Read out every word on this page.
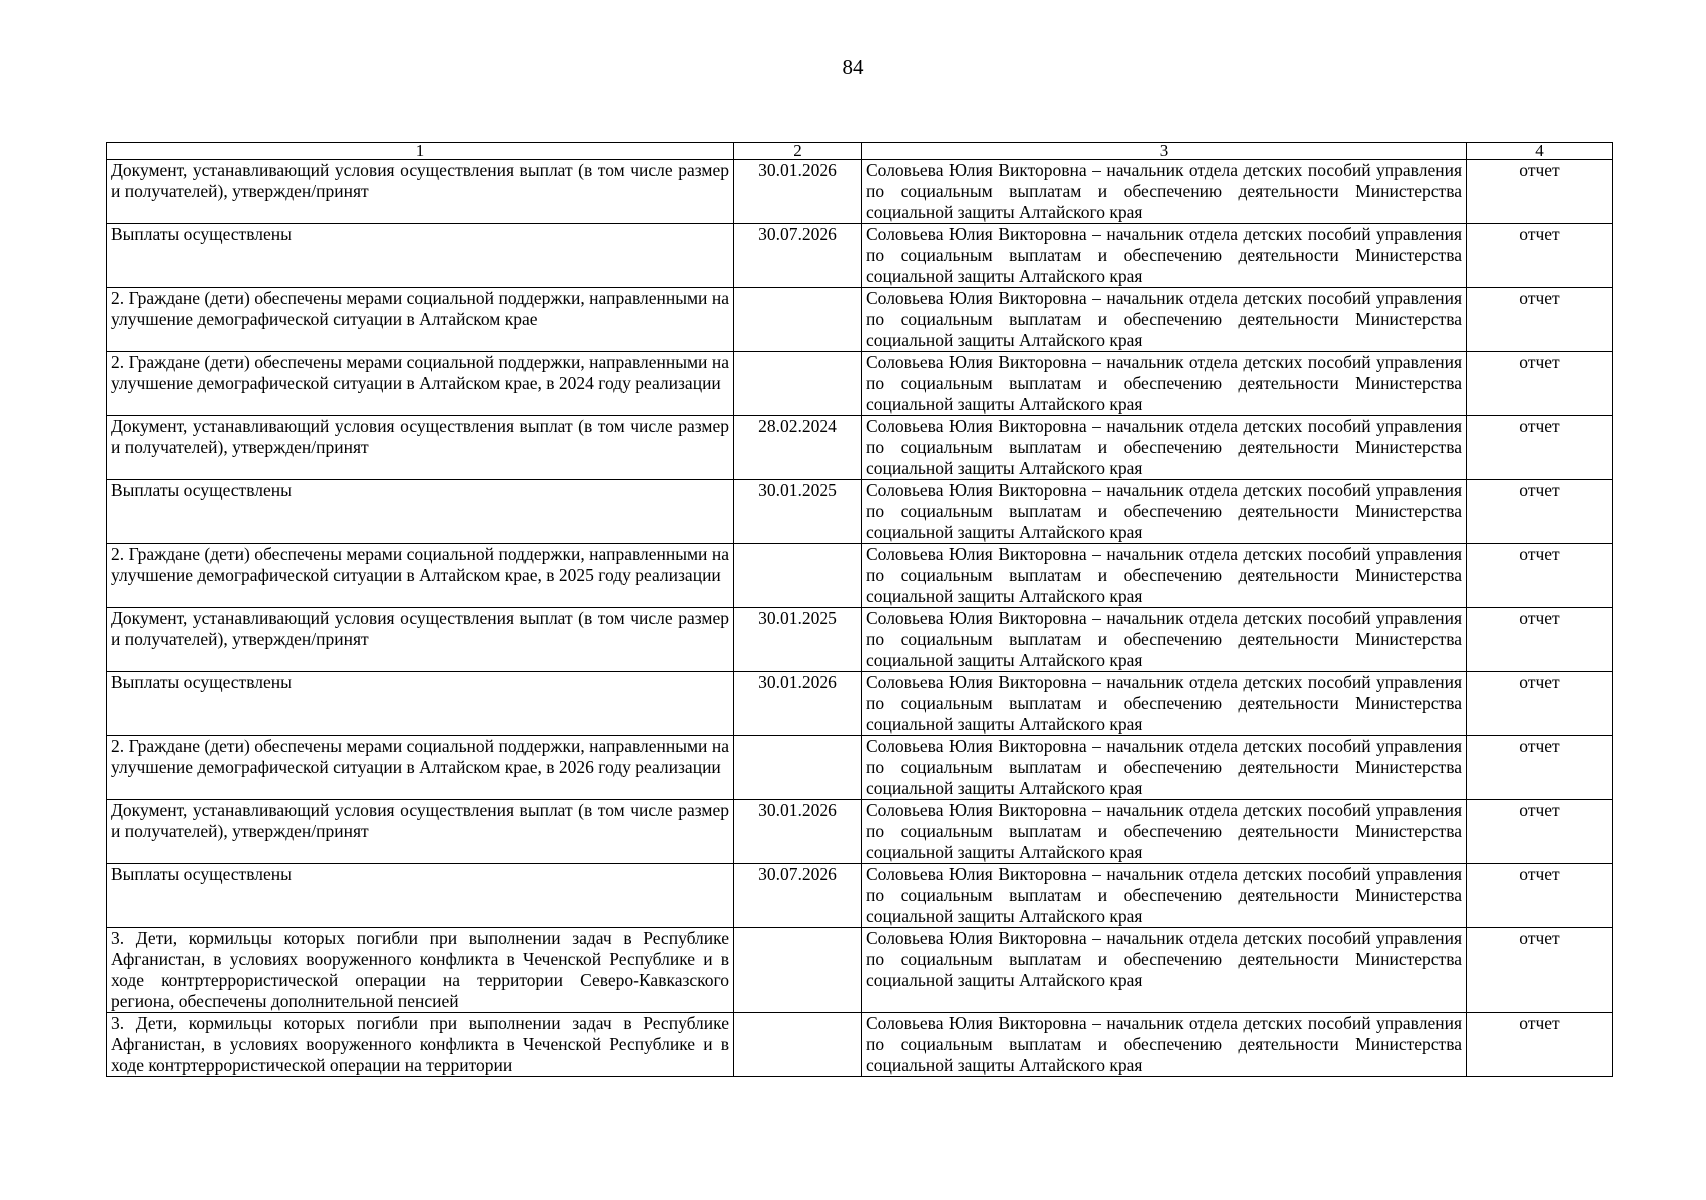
84
1	2	3	4
Документ, устанавливающий условия осуществления выплат (в том числе размер и получателей), утвержден/принят	30.01.2026	Соловьева Юлия Викторовна – начальник отдела детских пособий управления по социальным выплатам и обеспечению деятельности Министерства социальной защиты Алтайского края	отчет
Выплаты осуществлены	30.07.2026	Соловьева Юлия Викторовна – начальник отдела детских пособий управления по социальным выплатам и обеспечению деятельности Министерства социальной защиты Алтайского края	отчет
2. Граждане (дети) обеспечены мерами социальной поддержки, направленными на улучшение демографической ситуации в Алтайском крае		Соловьева Юлия Викторовна – начальник отдела детских пособий управления по социальным выплатам и обеспечению деятельности Министерства социальной защиты Алтайского края	отчет
2. Граждане (дети) обеспечены мерами социальной поддержки, направленными на улучшение демографической ситуации в Алтайском крае, в 2024 году реализации		Соловьева Юлия Викторовна – начальник отдела детских пособий управления по социальным выплатам и обеспечению деятельности Министерства социальной защиты Алтайского края	отчет
Документ, устанавливающий условия осуществления выплат (в том числе размер и получателей), утвержден/принят	28.02.2024	Соловьева Юлия Викторовна – начальник отдела детских пособий управления по социальным выплатам и обеспечению деятельности Министерства социальной защиты Алтайского края	отчет
Выплаты осуществлены	30.01.2025	Соловьева Юлия Викторовна – начальник отдела детских пособий управления по социальным выплатам и обеспечению деятельности Министерства социальной защиты Алтайского края	отчет
2. Граждане (дети) обеспечены мерами социальной поддержки, направленными на улучшение демографической ситуации в Алтайском крае, в 2025 году реализации		Соловьева Юлия Викторовна – начальник отдела детских пособий управления по социальным выплатам и обеспечению деятельности Министерства социальной защиты Алтайского края	отчет
Документ, устанавливающий условия осуществления выплат (в том числе размер и получателей), утвержден/принят	30.01.2025	Соловьева Юлия Викторовна – начальник отдела детских пособий управления по социальным выплатам и обеспечению деятельности Министерства социальной защиты Алтайского края	отчет
Выплаты осуществлены	30.01.2026	Соловьева Юлия Викторовна – начальник отдела детских пособий управления по социальным выплатам и обеспечению деятельности Министерства социальной защиты Алтайского края	отчет
2. Граждане (дети) обеспечены мерами социальной поддержки, направленными на улучшение демографической ситуации в Алтайском крае, в 2026 году реализации		Соловьева Юлия Викторовна – начальник отдела детских пособий управления по социальным выплатам и обеспечению деятельности Министерства социальной защиты Алтайского края	отчет
Документ, устанавливающий условия осуществления выплат (в том числе размер и получателей), утвержден/принят	30.01.2026	Соловьева Юлия Викторовна – начальник отдела детских пособий управления по социальным выплатам и обеспечению деятельности Министерства социальной защиты Алтайского края	отчет
Выплаты осуществлены	30.07.2026	Соловьева Юлия Викторовна – начальник отдела детских пособий управления по социальным выплатам и обеспечению деятельности Министерства социальной защиты Алтайского края	отчет
3. Дети, кормильцы которых погибли при выполнении задач в Республике Афганистан, в условиях вооруженного конфликта в Чеченской Республике и в ходе контртеррористической операции на территории Северо-Кавказского региона, обеспечены дополнительной пенсией		Соловьева Юлия Викторовна – начальник отдела детских пособий управления по социальным выплатам и обеспечению деятельности Министерства социальной защиты Алтайского края	отчет
3. Дети, кормильцы которых погибли при выполнении задач в Республике Афганистан, в условиях вооруженного конфликта в Чеченской Республике и в ходе контртеррористической операции на территории		Соловьева Юлия Викторовна – начальник отдела детских пособий управления по социальным выплатам и обеспечению деятельности Министерства социальной защиты Алтайского края	отчет
